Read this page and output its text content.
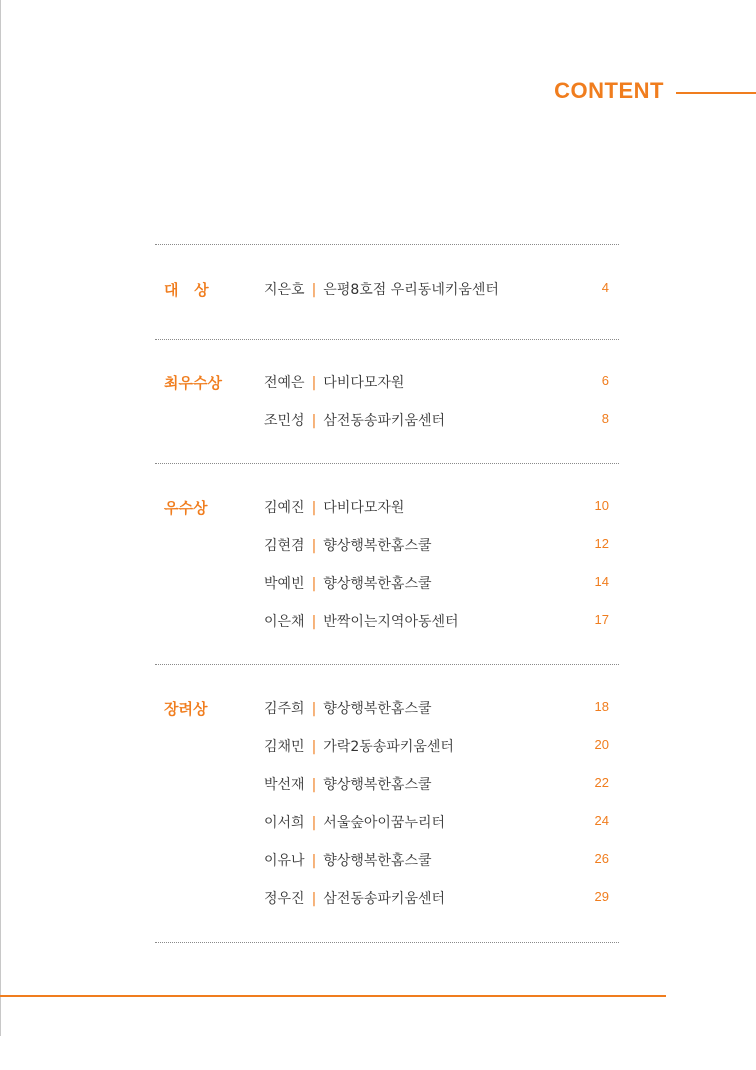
CONTENT
대   상	지은호 | 은평8호점 우리동네키움센터	4
최우수상	전예은 | 다비다모자원	6
조민성 | 삼전동송파키움센터	8
우수상	김예진 | 다비다모자원	10
김현겸 | 향상행복한홈스쿨	12
박예빈 | 향상행복한홈스쿨	14
이은채 | 반짝이는지역아동센터	17
장려상	김주희 | 향상행복한홈스쿨	18
김채민 | 가락2동송파키움센터	20
박선재 | 향상행복한홈스쿨	22
이서희 | 서울숲아이꿈누리터	24
이유나 | 향상행복한홈스쿨	26
정우진 | 삼전동송파키움센터	29
